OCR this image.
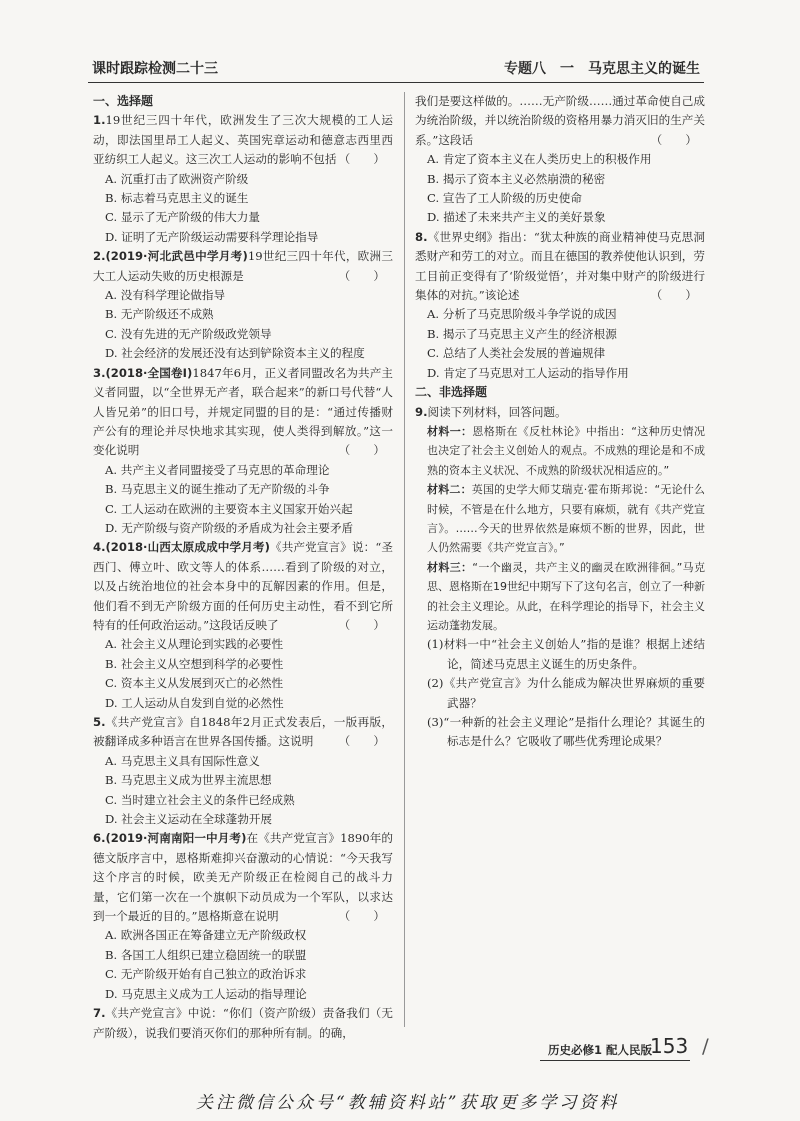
课时跟踪检测二十三	专题八　一　马克思主义的诞生

一、选择题

1.19世纪三四十年代，欧洲发生了三次大规模的工人运动，即法国里昂工人起义、英国宪章运动和德意志西里西亚纺织工人起义。这三次工人运动的影响不包括 （　　）
A. 沉重打击了欧洲资产阶级
B. 标志着马克思主义的诞生
C. 显示了无产阶级的伟大力量
D. 证明了无产阶级运动需要科学理论指导
2.(2019·河北武邑中学月考)19世纪三四十年代，欧洲三大工人运动失败的历史根源是	（　　）
A. 没有科学理论做指导
B. 无产阶级还不成熟
C. 没有先进的无产阶级政党领导
D. 社会经济的发展还没有达到铲除资本主义的程度
3.(2018·全国卷Ⅰ)1847年6月，正义者同盟改名为共产主义者同盟，以“全世界无产者，联合起来”的新口号代替“人人皆兄弟”的旧口号，并规定同盟的目的是：“通过传播财产公有的理论并尽快地求其实现，使人类得到解放。”这一变化说明	（　　）
A. 共产主义者同盟接受了马克思的革命理论
B. 马克思主义的诞生推动了无产阶级的斗争
C. 工人运动在欧洲的主要资本主义国家开始兴起
D. 无产阶级与资产阶级的矛盾成为社会主要矛盾
4.(2018·山西太原成成中学月考)《共产党宣言》说：“圣西门、傅立叶、欧文等人的体系……看到了阶级的对立，以及占统治地位的社会本身中的瓦解因素的作用。但是，他们看不到无产阶级方面的任何历史主动性，看不到它所特有的任何政治运动。”这段话反映了	（　　）
A. 社会主义从理论到实践的必要性
B. 社会主义从空想到科学的必要性
C. 资本主义从发展到灭亡的必然性
D. 工人运动从自发到自觉的必然性
5.《共产党宣言》自1848年2月正式发表后，一版再版，被翻译成多种语言在世界各国传播。这说明 （　　）
A. 马克思主义具有国际性意义
B. 马克思主义成为世界主流思想
C. 当时建立社会主义的条件已经成熟
D. 社会主义运动在全球蓬勃开展
6.(2019·河南南阳一中月考)在《共产党宣言》1890年的德文版序言中，恩格斯难抑兴奋激动的心情说：“今天我写这个序言的时候，欧美无产阶级正在检阅自己的战斗力量，它们第一次在一个旗帜下动员成为一个军队，以求达到一个最近的目的。”恩格斯意在说明	（　　）
A. 欧洲各国正在筹备建立无产阶级政权
B. 各国工人组织已建立稳固统一的联盟
C. 无产阶级开始有自己独立的政治诉求
D. 马克思主义成为工人运动的指导理论
7.《共产党宣言》中说：“你们（资产阶级）责备我们（无产阶级），说我们要消灭你们的那种所有制。的确，
我们是要这样做的。……无产阶级……通过革命使自己成为统治阶级，并以统治阶级的资格用暴力消灭旧的生产关系。”这段话	（　　）
A. 肯定了资本主义在人类历史上的积极作用
B. 揭示了资本主义必然崩溃的秘密
C. 宣告了工人阶级的历史使命
D. 描述了未来共产主义的美好景象
8.《世界史纲》指出：“犹太种族的商业精神使马克思洞悉财产和劳工的对立。而且在德国的教养使他认识到，劳工目前正变得有了‘阶级觉悟’，并对集中财产的阶级进行集体的对抗。”该论述	（　　）
A. 分析了马克思阶级斗争学说的成因
B. 揭示了马克思主义产生的经济根源
C. 总结了人类社会发展的普遍规律
D. 肯定了马克思对工人运动的指导作用

二、非选择题

9.阅读下列材料，回答问题。
材料一：恩格斯在《反杜林论》中指出：“这种历史情况也决定了社会主义创始人的观点。不成熟的理论是和不成熟的资本主义状况、不成熟的阶级状况相适应的。”
材料二：英国的史学大师艾瑞克·霍布斯邦说：“无论什么时候，不管是在什么地方，只要有麻烦，就有《共产党宣言》。……今天的世界依然是麻烦不断的世界，因此，世人仍然需要《共产党宣言》。”
材料三：“一个幽灵，共产主义的幽灵在欧洲徘徊。”马克思、恩格斯在19世纪中期写下了这句名言，创立了一种新的社会主义理论。从此，在科学理论的指导下，社会主义运动蓬勃发展。
(1)材料一中“社会主义创始人”指的是谁？根据上述结论，简述马克思主义诞生的历史条件。
(2)《共产党宣言》为什么能成为解决世界麻烦的重要武器？
(3)“一种新的社会主义理论”是指什么理论？其诞生的标志是什么？它吸收了哪些优秀理论成果？
历史必修1 配人民版
153 /
关注微信公众号“教辅资料站”获取更多学习资料
